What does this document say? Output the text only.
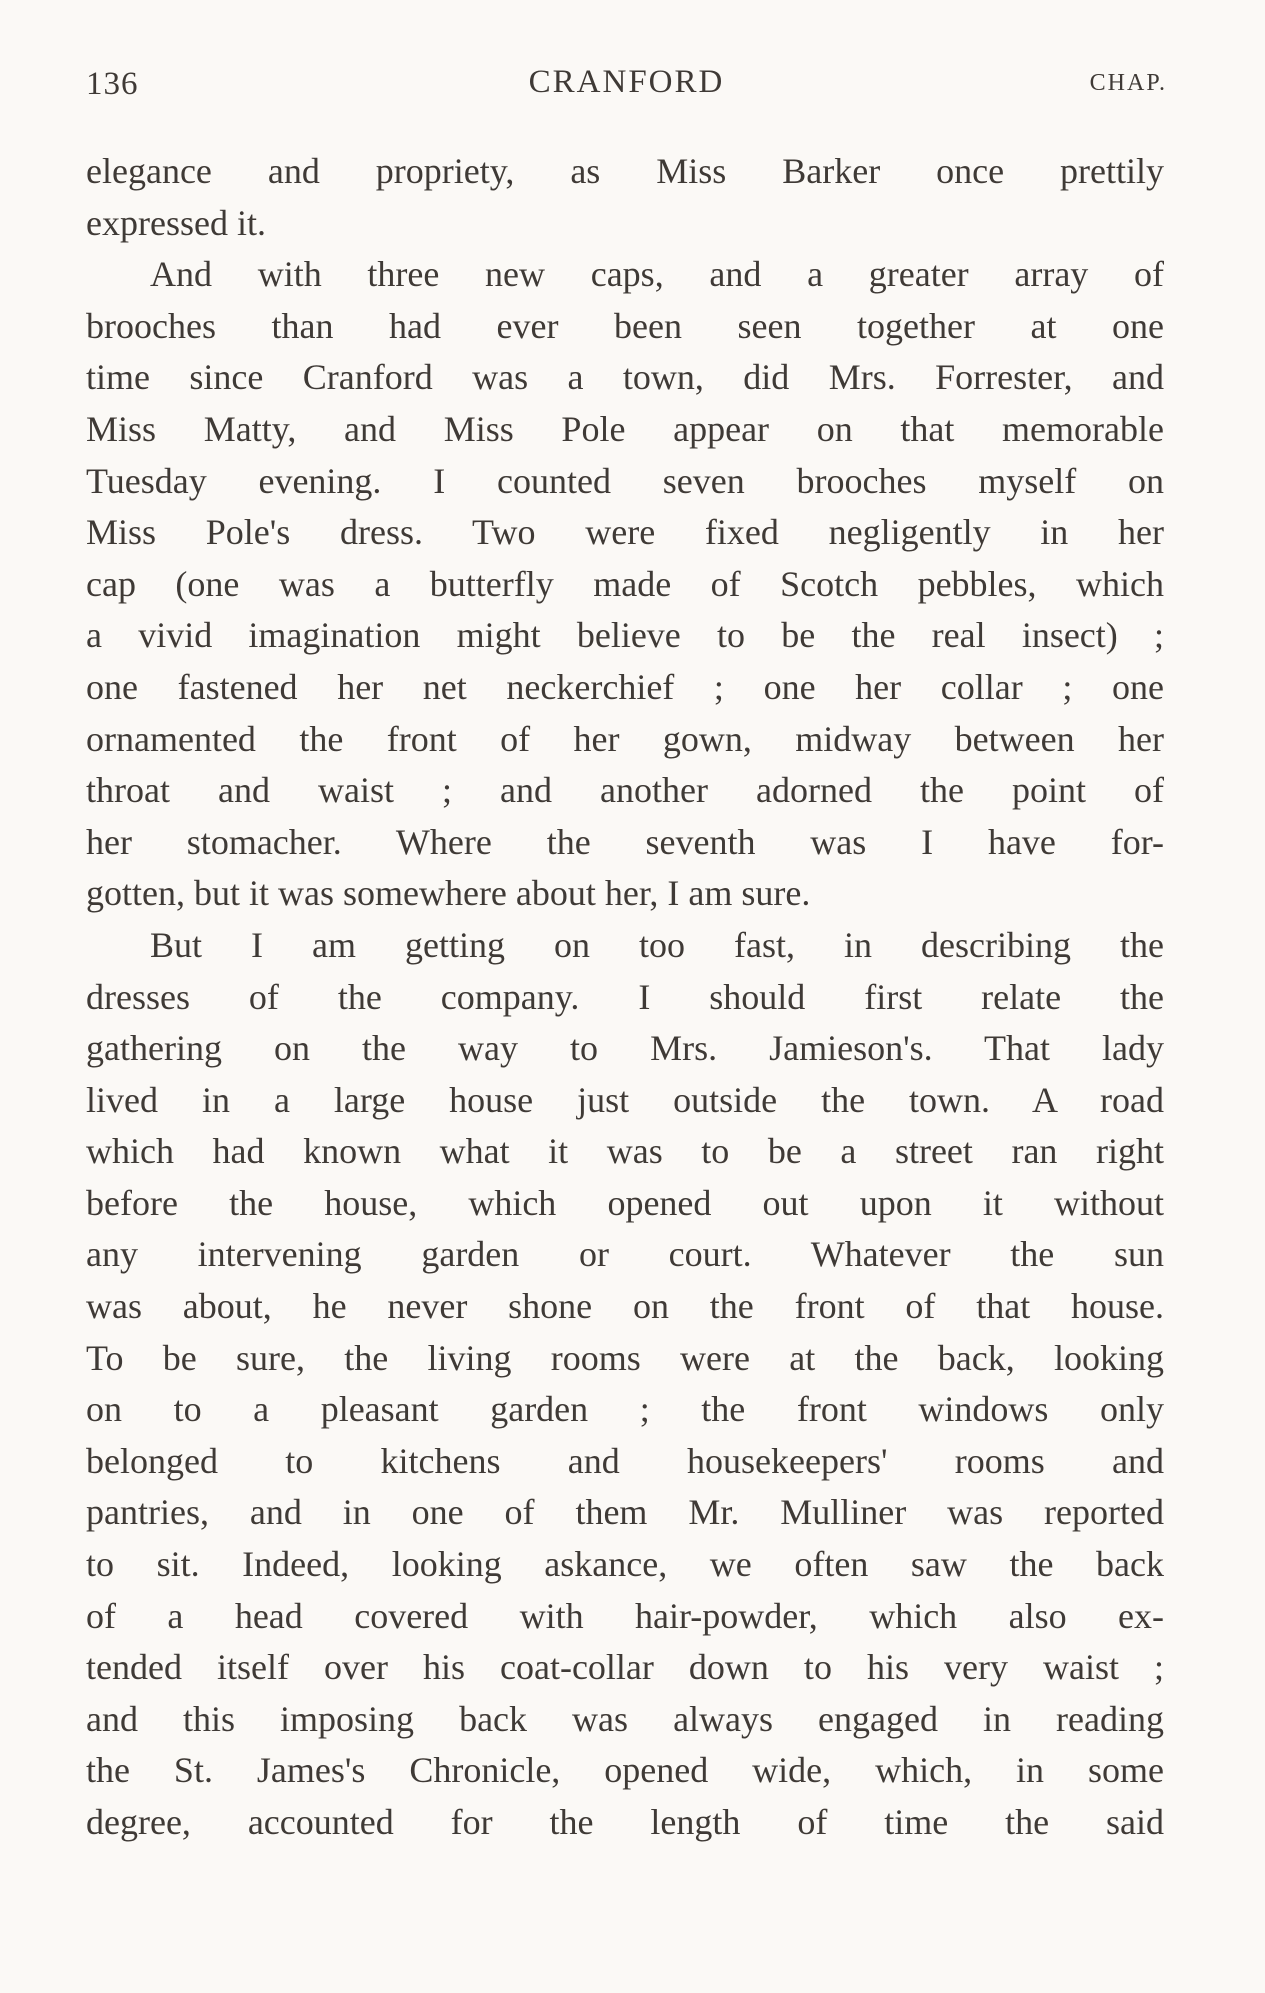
136	CRANFORD	CHAP.
elegance and propriety, as Miss Barker once prettily
expressed it.
And with three new caps, and a greater array of
brooches than had ever been seen together at one
time since Cranford was a town, did Mrs. Forrester, and
Miss Matty, and Miss Pole appear on that memorable
Tuesday evening. I counted seven brooches myself on
Miss Pole's dress. Two were fixed negligently in her
cap (one was a butterfly made of Scotch pebbles, which
a vivid imagination might believe to be the real insect) ;
one fastened her net neckerchief ; one her collar ; one
ornamented the front of her gown, midway between her
throat and waist ; and another adorned the point of
her stomacher. Where the seventh was I have for-
gotten, but it was somewhere about her, I am sure.
But I am getting on too fast, in describing the
dresses of the company. I should first relate the
gathering on the way to Mrs. Jamieson's. That lady
lived in a large house just outside the town. A road
which had known what it was to be a street ran right
before the house, which opened out upon it without
any intervening garden or court. Whatever the sun
was about, he never shone on the front of that house.
To be sure, the living rooms were at the back, looking
on to a pleasant garden ; the front windows only
belonged to kitchens and housekeepers' rooms and
pantries, and in one of them Mr. Mulliner was reported
to sit. Indeed, looking askance, we often saw the back
of a head covered with hair-powder, which also ex-
tended itself over his coat-collar down to his very waist ;
and this imposing back was always engaged in reading
the St. James's Chronicle, opened wide, which, in some
degree, accounted for the length of time the said
